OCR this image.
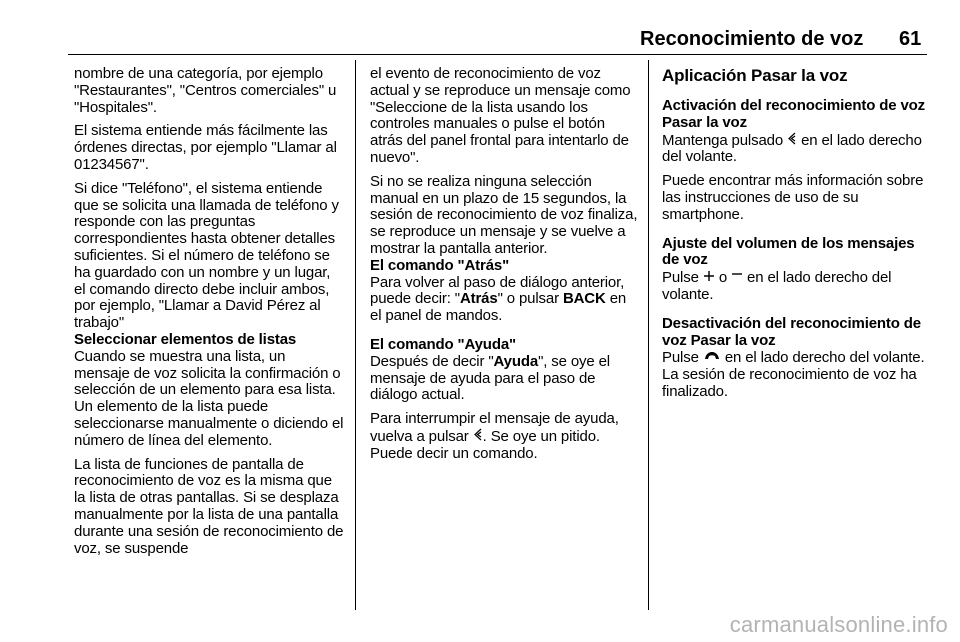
Reconocimiento de voz 61

nombre de una categoría, por ejemplo "Restaurantes", "Centros comerciales" u "Hospitales".

El sistema entiende más fácilmente las órdenes directas, por ejemplo "Llamar al 01234567".

Si dice "Teléfono", el sistema entiende que se solicita una llamada de teléfono y responde con las preguntas correspondientes hasta obtener detalles suficientes. Si el número de teléfono se ha guardado con un nombre y un lugar, el comando directo debe incluir ambos, por ejemplo, "Llamar a David Pérez al trabajo"

Seleccionar elementos de listas

Cuando se muestra una lista, un mensaje de voz solicita la confirmación o selección de un elemento para esa lista. Un elemento de la lista puede seleccionarse manualmente o diciendo el número de línea del elemento.

La lista de funciones de pantalla de reconocimiento de voz es la misma que la lista de otras pantallas. Si se desplaza manualmente por la lista de una pantalla durante una sesión de reconocimiento de voz, se suspende

el evento de reconocimiento de voz actual y se reproduce un mensaje como "Seleccione de la lista usando los controles manuales o pulse el botón atrás del panel frontal para intentarlo de nuevo".

Si no se realiza ninguna selección manual en un plazo de 15 segundos, la sesión de reconocimiento de voz finaliza, se reproduce un mensaje y se vuelve a mostrar la pantalla anterior.

El comando "Atrás"

Para volver al paso de diálogo anterior, puede decir: "Atrás" o pulsar BACK en el panel de mandos.

El comando "Ayuda"

Después de decir "Ayuda", se oye el mensaje de ayuda para el paso de diálogo actual.

Para interrumpir el mensaje de ayuda, vuelva a pulsar . Se oye un pitido. Puede decir un comando.

Aplicación Pasar la voz
Activación del reconocimiento de voz Pasar la voz

Mantenga pulsado  en el lado derecho del volante.

Puede encontrar más información sobre las instrucciones de uso de su smartphone.

Ajuste del volumen de los mensajes de voz

Pulse  o  en el lado derecho del volante.

Desactivación del reconocimiento de voz Pasar la voz

Pulse  en el lado derecho del volante. La sesión de reconocimiento de voz ha finalizado.

carmanualsonline.info
